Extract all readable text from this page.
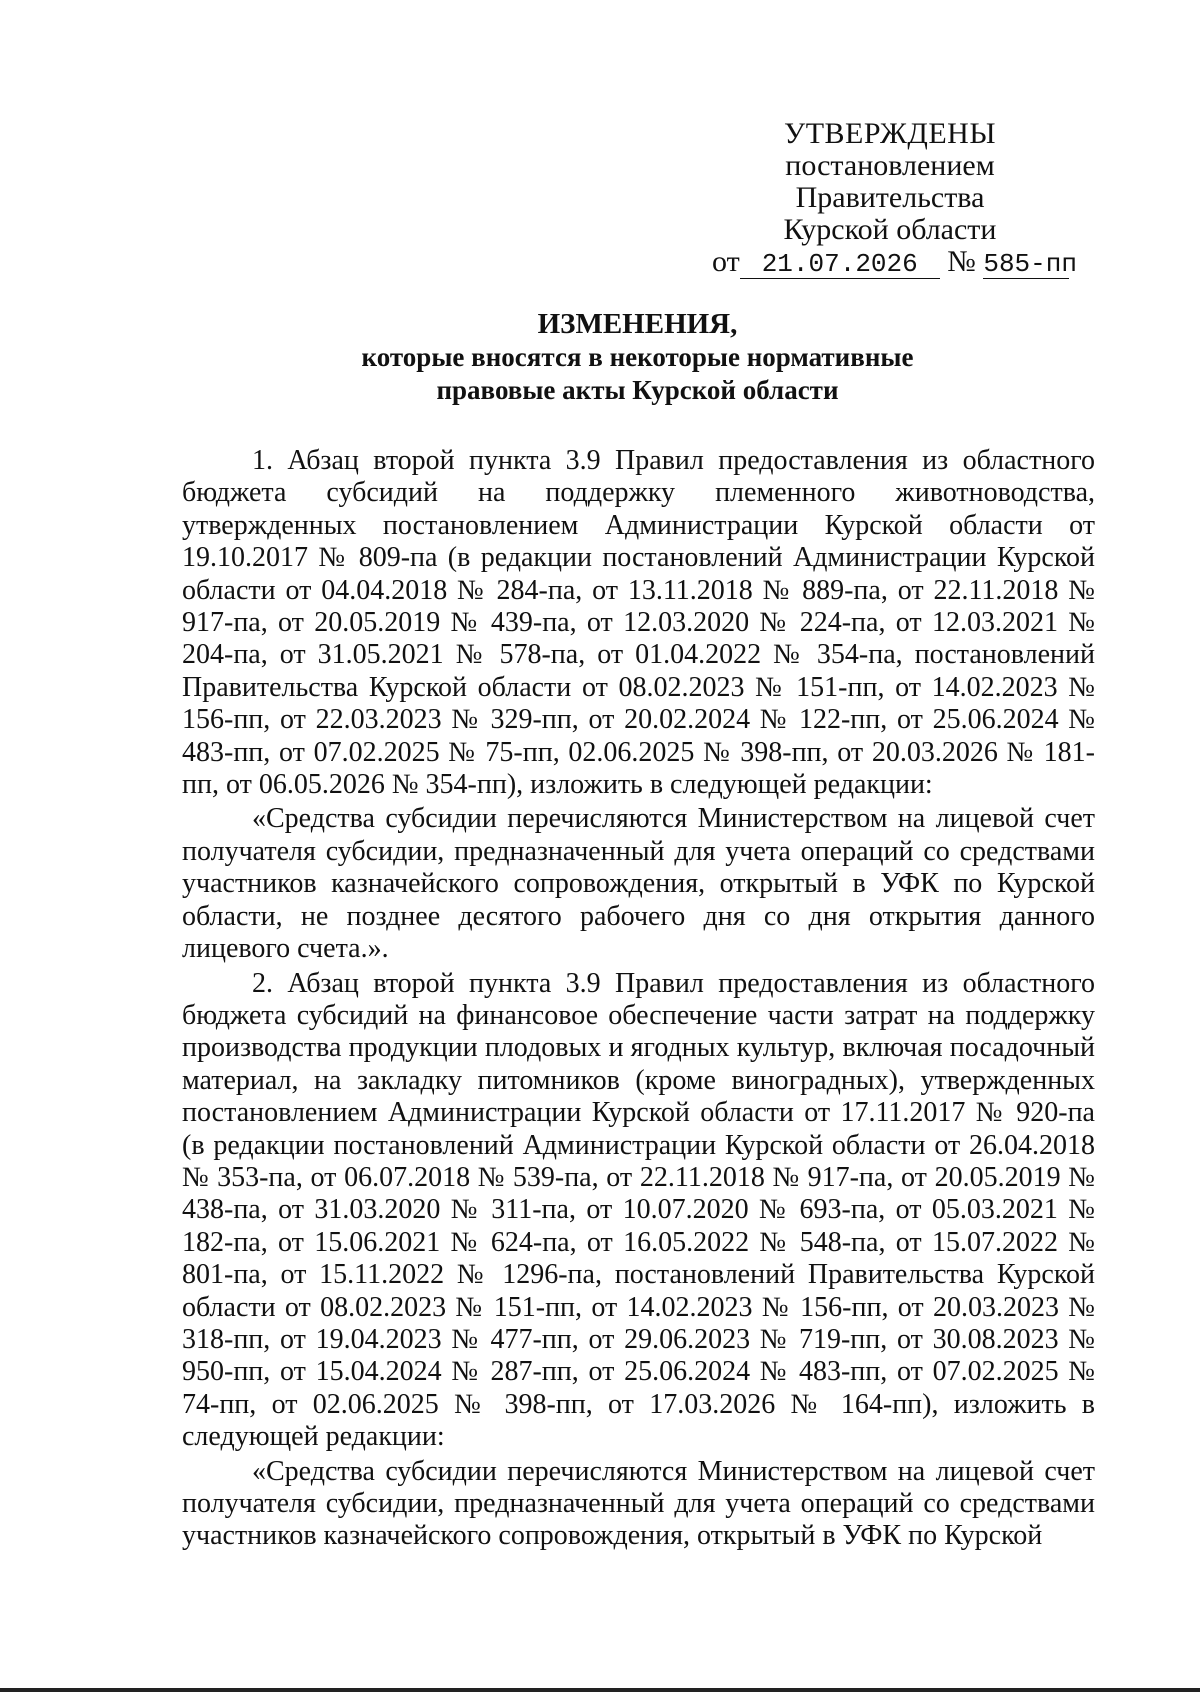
УТВЕРЖДЕНЫ
постановлением Правительства
Курской области
от 21.07.2026 № 585-пп
ИЗМЕНЕНИЯ,
которые вносятся в некоторые нормативные
правовые акты Курской области

1. Абзац второй пункта 3.9 Правил предоставления из областного бюджета субсидий на поддержку племенного животноводства, утвержденных постановлением Администрации Курской области от 19.10.2017 № 809-па (в редакции постановлений Администрации Курской области от 04.04.2018 № 284-па, от 13.11.2018 № 889-па, от 22.11.2018 № 917-па, от 20.05.2019 № 439-па, от 12.03.2020 № 224-па, от 12.03.2021 № 204-па, от 31.05.2021 № 578-па, от 01.04.2022 № 354-па, постановлений Правительства Курской области от 08.02.2023 № 151-пп, от 14.02.2023 № 156-пп, от 22.03.2023 № 329-пп, от 20.02.2024 № 122-пп, от 25.06.2024 № 483-пп, от 07.02.2025 № 75-пп, 02.06.2025 № 398-пп, от 20.03.2026 № 181-пп, от 06.05.2026 № 354-пп), изложить в следующей редакции:

«Средства субсидии перечисляются Министерством на лицевой счет получателя субсидии, предназначенный для учета операций со средствами участников казначейского сопровождения, открытый в УФК по Курской области, не позднее десятого рабочего дня со дня открытия данного лицевого счета.».

2. Абзац второй пункта 3.9 Правил предоставления из областного бюджета субсидий на финансовое обеспечение части затрат на поддержку производства продукции плодовых и ягодных культур, включая посадочный материал, на закладку питомников (кроме виноградных), утвержденных постановлением Администрации Курской области от 17.11.2017 № 920-па (в редакции постановлений Администрации Курской области от 26.04.2018 № 353-па, от 06.07.2018 № 539-па, от 22.11.2018 № 917-па, от 20.05.2019 № 438-па, от 31.03.2020 № 311-па, от 10.07.2020 № 693-па, от 05.03.2021 № 182-па, от 15.06.2021 № 624-па, от 16.05.2022 № 548-па, от 15.07.2022 № 801-па, от 15.11.2022 № 1296-па, постановлений Правительства Курской области от 08.02.2023 № 151-пп, от 14.02.2023 № 156-пп, от 20.03.2023 № 318-пп, от 19.04.2023 № 477-пп, от 29.06.2023 № 719-пп, от 30.08.2023 № 950-пп, от 15.04.2024 № 287-пп, от 25.06.2024 № 483-пп, от 07.02.2025 № 74-пп, от 02.06.2025 № 398-пп, от 17.03.2026 № 164-пп), изложить в следующей редакции:

«Средства субсидии перечисляются Министерством на лицевой счет получателя субсидии, предназначенный для учета операций со средствами участников казначейского сопровождения, открытый в УФК по Курской
